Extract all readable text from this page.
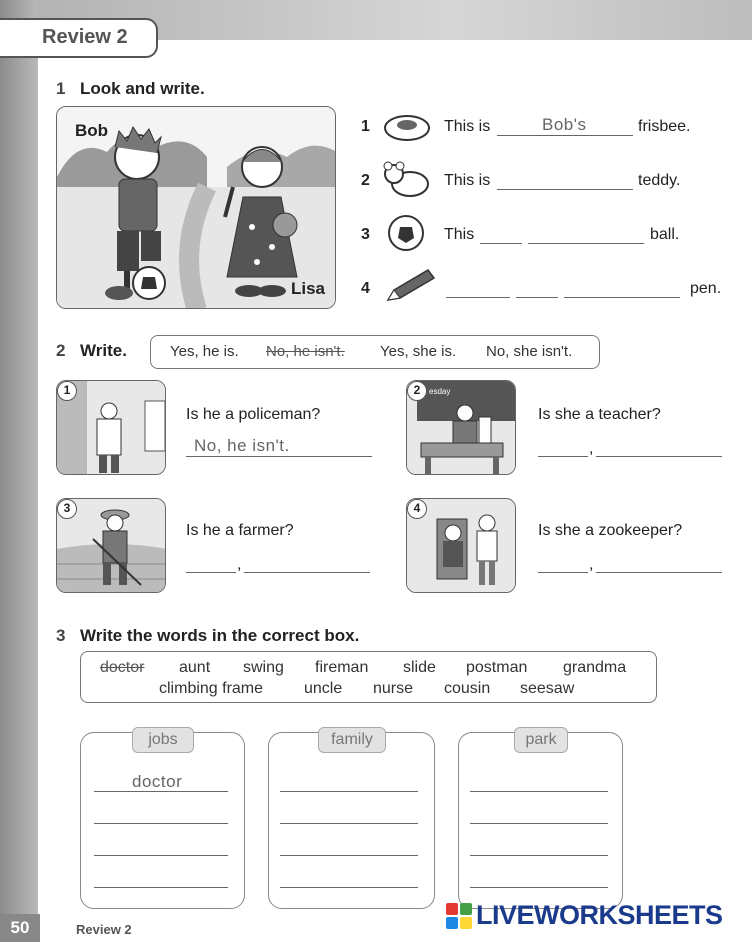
Review 2
1 Look and write.
Bob
Lisa
1	This is	Bob's	frisbee.
2	This is	teddy.
3	This	ball.
4	pen.
2 Write.	Yes, he is. No, he isn't. Yes, she is. No, she isn't.
1
Is he a policeman?
No, he isn't.
esday
2
Is she a teacher?
,
3
Is he a farmer?
,
4
Is she a zookeeper?
,
3 Write the words in the correct box.
doctor aunt swing fireman slide postman grandma
climbing frame	uncle nurse cousin seesaw
jobs
doctor
family	park
50	Review 2	LIVEWORKSHEETS
